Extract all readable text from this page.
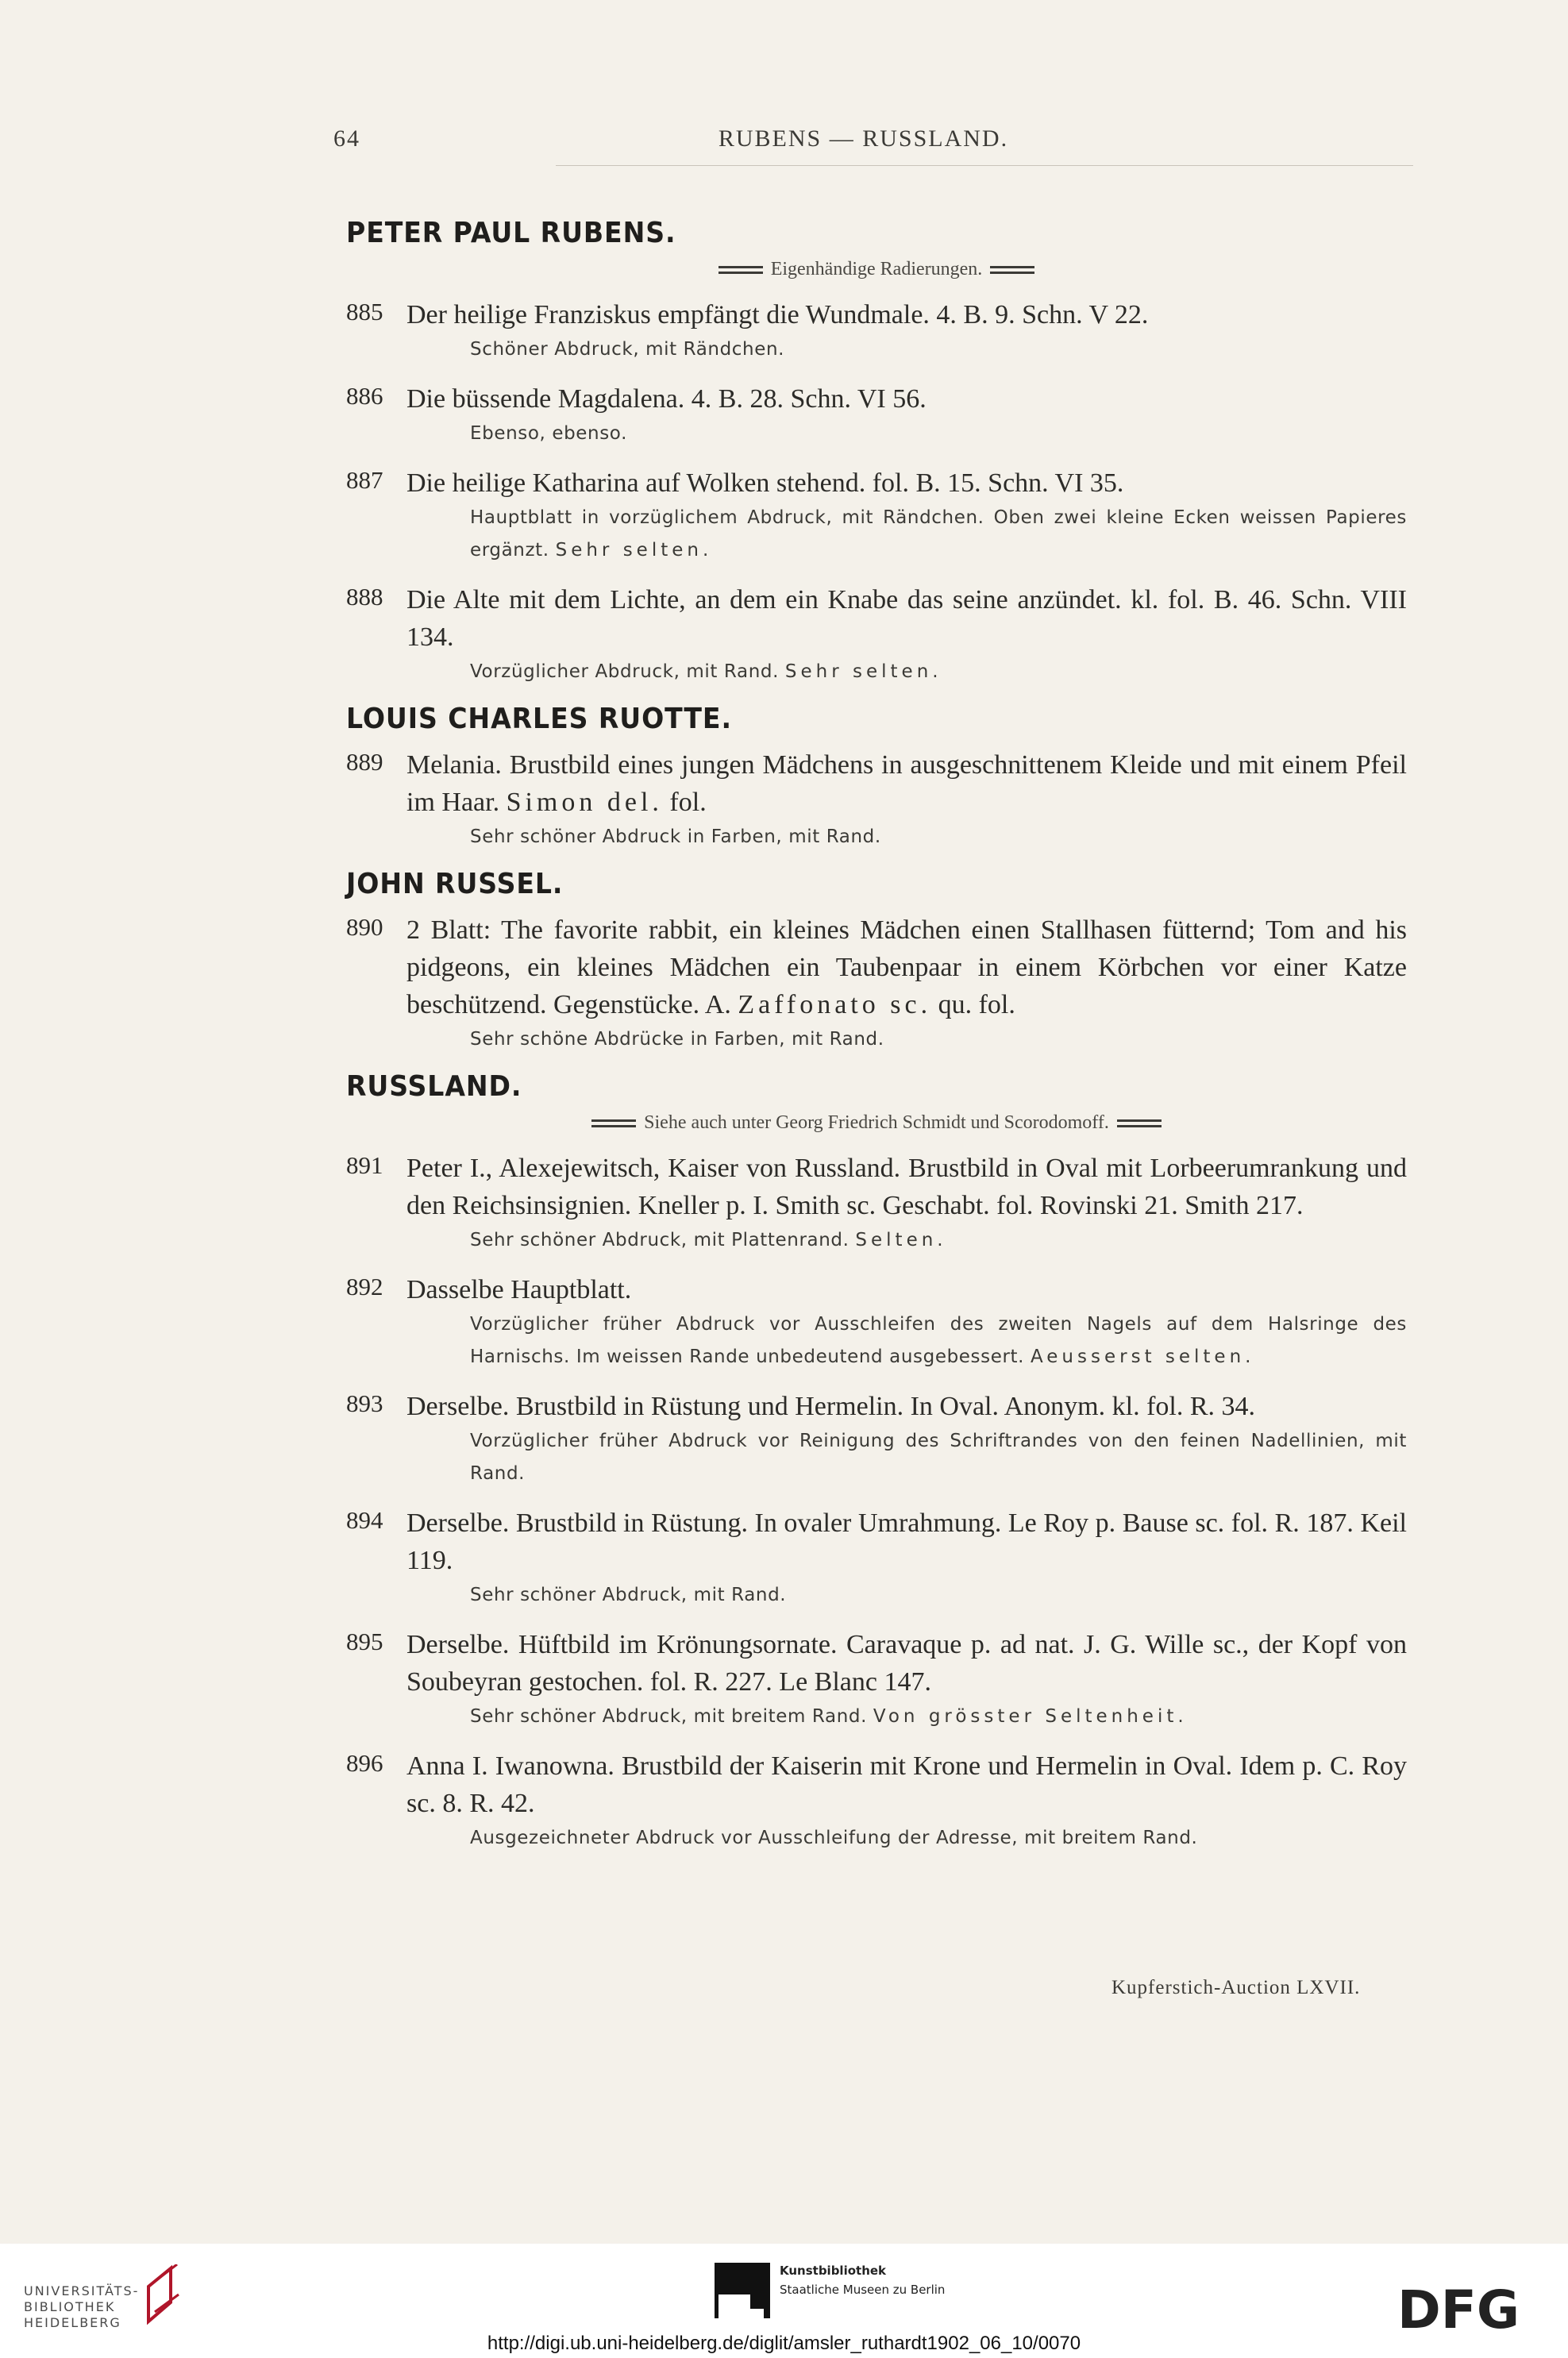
64	RUBENS — RUSSLAND.
PETER PAUL RUBENS.
Eigenhändige Radierungen.
885 Der heilige Franziskus empfängt die Wundmale. 4. B. 9. Schn. V 22.
Schöner Abdruck, mit Rändchen.
886 Die büssende Magdalena. 4. B. 28. Schn. VI 56.
Ebenso, ebenso.
887 Die heilige Katharina auf Wolken stehend. fol. B. 15. Schn. VI 35.
Hauptblatt in vorzüglichem Abdruck, mit Rändchen. Oben zwei kleine Ecken weissen Papieres ergänzt. Sehr selten.
888 Die Alte mit dem Lichte, an dem ein Knabe das seine anzündet. kl. fol. B. 46. Schn. VIII 134.
Vorzüglicher Abdruck, mit Rand. Sehr selten.
LOUIS CHARLES RUOTTE.
889 Melania. Brustbild eines jungen Mädchens in ausgeschnittenem Kleide und mit einem Pfeil im Haar. Simon del. fol.
Sehr schöner Abdruck in Farben, mit Rand.
JOHN RUSSEL.
890 2 Blatt: The favorite rabbit, ein kleines Mädchen einen Stallhasen fütternd; Tom and his pidgeons, ein kleines Mädchen ein Taubenpaar in einem Körbchen vor einer Katze beschützend. Gegenstücke. A. Zaffonato sc. qu. fol.
Sehr schöne Abdrücke in Farben, mit Rand.
RUSSLAND.
Siehe auch unter Georg Friedrich Schmidt und Scorodomoff.
891 Peter I., Alexejewitsch, Kaiser von Russland. Brustbild in Oval mit Lorbeerumrankung und den Reichsinsignien. Kneller p. I. Smith sc. Geschabt. fol. Rovinski 21. Smith 217.
Sehr schöner Abdruck, mit Plattenrand. Selten.
892 Dasselbe Hauptblatt.
Vorzüglicher früher Abdruck vor Ausschleifen des zweiten Nagels auf dem Halsringe des Harnischs. Im weissen Rande unbedeutend ausgebessert. Aeusserst selten.
893 Derselbe. Brustbild in Rüstung und Hermelin. In Oval. Anonym. kl. fol. R. 34.
Vorzüglicher früher Abdruck vor Reinigung des Schriftrandes von den feinen Nadellinien, mit Rand.
894 Derselbe. Brustbild in Rüstung. In ovaler Umrahmung. Le Roy p. Bause sc. fol. R. 187. Keil 119.
Sehr schöner Abdruck, mit Rand.
895 Derselbe. Hüftbild im Krönungsornate. Caravaque p. ad nat. J. G. Wille sc., der Kopf von Soubeyran gestochen. fol. R. 227. Le Blanc 147.
Sehr schöner Abdruck, mit breitem Rand. Von grösster Seltenheit.
896 Anna I. Iwanowna. Brustbild der Kaiserin mit Krone und Hermelin in Oval. Idem p. C. Roy sc. 8. R. 42.
Ausgezeichneter Abdruck vor Ausschleifung der Adresse, mit breitem Rand.
Kupferstich-Auction LXVII.
UNIVERSITÄTS-
BIBLIOTHEK
HEIDELBERG
Kunstbibliothek
Staatliche Museen zu Berlin	DFG
http://digi.ub.uni-heidelberg.de/diglit/amsler_ruthardt1902_06_10/0070
